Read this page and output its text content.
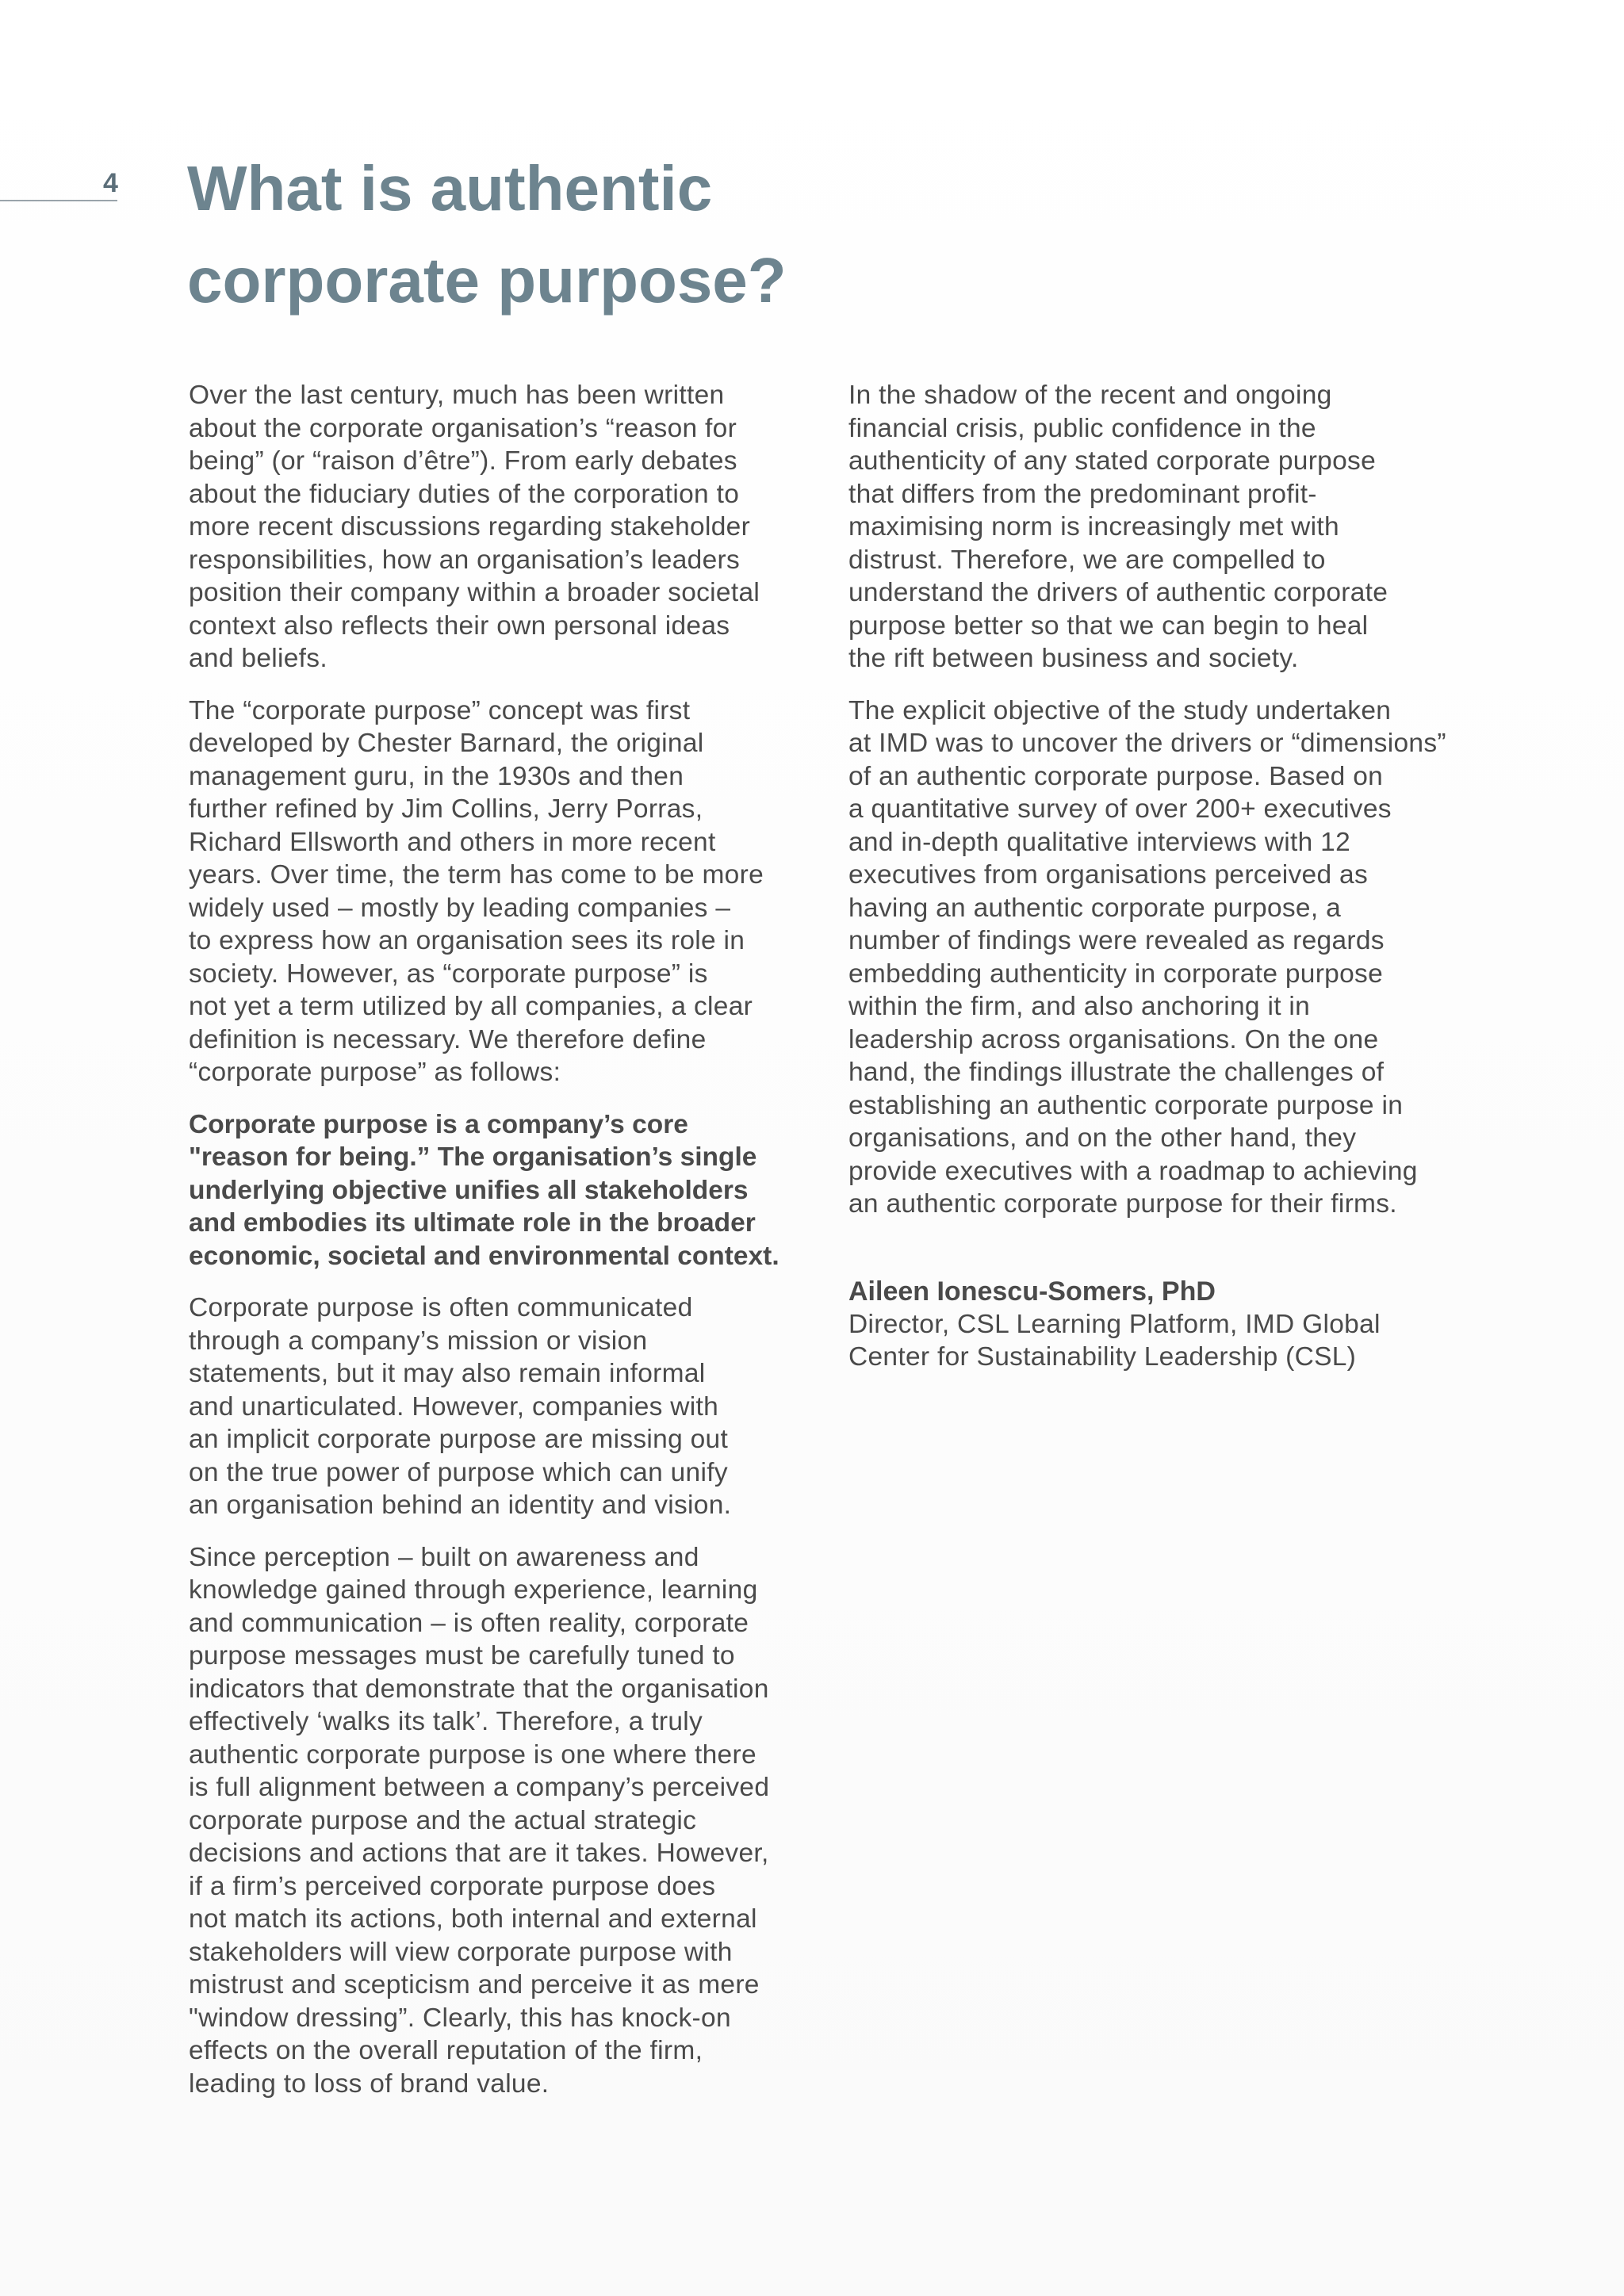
4 What is authentic
corporate purpose?

Over the last century, much has been written
about the corporate organisation’s “reason for
being” (or “raison d’être”). From early debates
about the fiduciary duties of the corporation to
more recent discussions regarding stakeholder
responsibilities, how an organisation’s leaders
position their company within a broader societal
context also reflects their own personal ideas
and beliefs.

The “corporate purpose” concept was first
developed by Chester Barnard, the original
management guru, in the 1930s and then
further refined by Jim Collins, Jerry Porras,
Richard Ellsworth and others in more recent
years. Over time, the term has come to be more
widely used – mostly by leading companies –
to express how an organisation sees its role in
society. However, as “corporate purpose” is
not yet a term utilized by all companies, a clear
definition is necessary. We therefore define
“corporate purpose” as follows:

Corporate purpose is a company’s core
"reason for being.” The organisation’s single
underlying objective unifies all stakeholders
and embodies its ultimate role in the broader
economic, societal and environmental context.

Corporate purpose is often communicated
through a company’s mission or vision
statements, but it may also remain informal
and unarticulated. However, companies with
an implicit corporate purpose are missing out
on the true power of purpose which can unify
an organisation behind an identity and vision.

Since perception – built on awareness and
knowledge gained through experience, learning
and communication – is often reality, corporate
purpose messages must be carefully tuned to
indicators that demonstrate that the organisation
effectively ‘walks its talk’. Therefore, a truly
authentic corporate purpose is one where there
is full alignment between a company’s perceived
corporate purpose and the actual strategic
decisions and actions that are it takes. However,
if a firm’s perceived corporate purpose does
not match its actions, both internal and external
stakeholders will view corporate purpose with
mistrust and scepticism and perceive it as mere
"window dressing”. Clearly, this has knock-on
effects on the overall reputation of the firm,
leading to loss of brand value.

In the shadow of the recent and ongoing
financial crisis, public confidence in the
authenticity of any stated corporate purpose
that differs from the predominant profit-
maximising norm is increasingly met with
distrust. Therefore, we are compelled to
understand the drivers of authentic corporate
purpose better so that we can begin to heal
the rift between business and society.

The explicit objective of the study undertaken
at IMD was to uncover the drivers or “dimensions”
of an authentic corporate purpose. Based on
a quantitative survey of over 200+ executives
and in-depth qualitative interviews with 12
executives from organisations perceived as
having an authentic corporate purpose, a
number of findings were revealed as regards
embedding authenticity in corporate purpose
within the firm, and also anchoring it in
leadership across organisations. On the one
hand, the findings illustrate the challenges of
establishing an authentic corporate purpose in
organisations, and on the other hand, they
provide executives with a roadmap to achieving
an authentic corporate purpose for their firms.

Aileen Ionescu-Somers, PhD
Director, CSL Learning Platform, IMD Global
Center for Sustainability Leadership (CSL)
